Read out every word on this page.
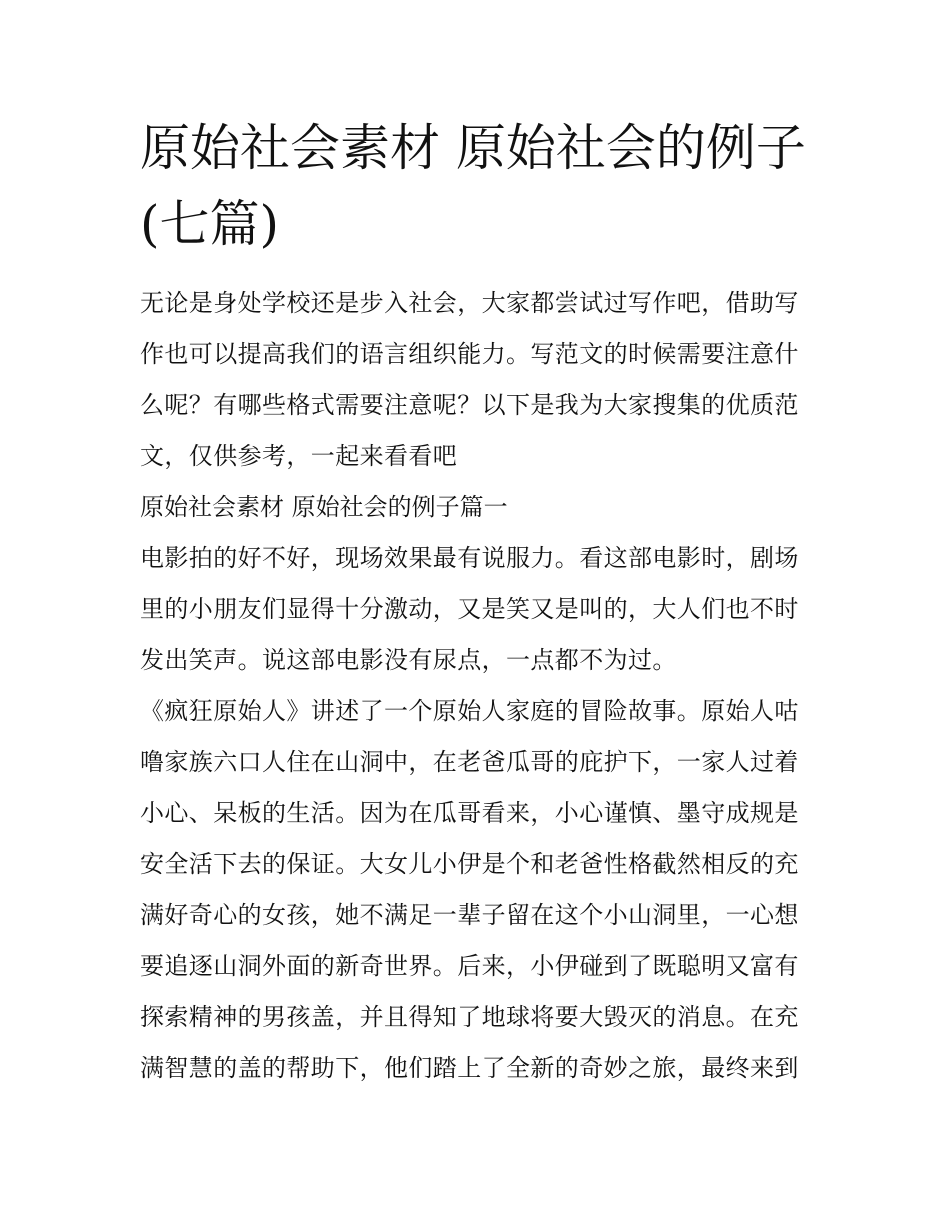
原始社会素材 原始社会的例子
(七篇)
无论是身处学校还是步入社会，大家都尝试过写作吧，借助写
作也可以提高我们的语言组织能力。写范文的时候需要注意什
么呢？有哪些格式需要注意呢？以下是我为大家搜集的优质范
文，仅供参考，一起来看看吧
原始社会素材 原始社会的例子篇一
电影拍的好不好，现场效果最有说服力。看这部电影时，剧场
里的小朋友们显得十分激动，又是笑又是叫的，大人们也不时
发出笑声。说这部电影没有尿点，一点都不为过。
《疯狂原始人》讲述了一个原始人家庭的冒险故事。原始人咕
噜家族六口人住在山洞中，在老爸瓜哥的庇护下，一家人过着
小心、呆板的生活。因为在瓜哥看来，小心谨慎、墨守成规是
安全活下去的保证。大女儿小伊是个和老爸性格截然相反的充
满好奇心的女孩，她不满足一辈子留在这个小山洞里，一心想
要追逐山洞外面的新奇世界。后来，小伊碰到了既聪明又富有
探索精神的男孩盖，并且得知了地球将要大毁灭的消息。在充
满智慧的盖的帮助下，他们踏上了全新的奇妙之旅，最终来到
